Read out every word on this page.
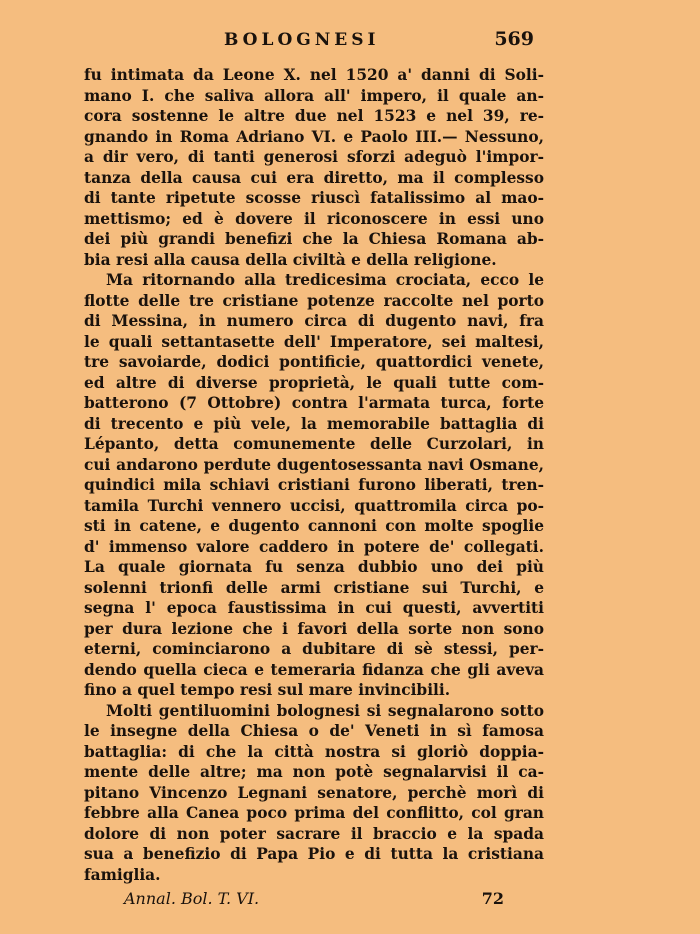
BOLOGNESI	569
fu intimata da Leone X. nel 1520 a' danni di Soli-
mano I. che saliva allora all' impero, il quale an-
cora sostenne le altre due nel 1523 e nel 39, re-
gnando in Roma Adriano VI. e Paolo III.— Nessuno,
a dir vero, di tanti generosi sforzi adeguò l'impor-
tanza della causa cui era diretto, ma il complesso
di tante ripetute scosse riuscì fatalissimo al mao-
mettismo; ed è dovere il riconoscere in essi uno
dei più grandi benefizi che la Chiesa Romana ab-
bia resi alla causa della civiltà e della religione.
Ma ritornando alla tredicesima crociata, ecco le
flotte delle tre cristiane potenze raccolte nel porto
di Messina, in numero circa di dugento navi, fra
le quali settantasette dell' Imperatore, sei maltesi,
tre savoiarde, dodici pontificie, quattordici venete,
ed altre di diverse proprietà, le quali tutte com-
batterono (7 Ottobre) contra l'armata turca, forte
di trecento e più vele, la memorabile battaglia di
Lépanto, detta comunemente delle Curzolari, in
cui andarono perdute dugentosessanta navi Osmane,
quindici mila schiavi cristiani furono liberati, tren-
tamila Turchi vennero uccisi, quattromila circa po-
sti in catene, e dugento cannoni con molte spoglie
d' immenso valore caddero in potere de' collegati.
La quale giornata fu senza dubbio uno dei più
solenni trionfi delle armi cristiane sui Turchi, e
segna l' epoca faustissima in cui questi, avvertiti
per dura lezione che i favori della sorte non sono
eterni, cominciarono a dubitare di sè stessi, per-
dendo quella cieca e temeraria fidanza che gli aveva
fino a quel tempo resi sul mare invincibili.
Molti gentiluomini bolognesi si segnalarono sotto
le insegne della Chiesa o de' Veneti in sì famosa
battaglia: di che la città nostra si gloriò doppia-
mente delle altre; ma non potè segnalarvisi il ca-
pitano Vincenzo Legnani senatore, perchè morì di
febbre alla Canea poco prima del conflitto, col gran
dolore di non poter sacrare il braccio e la spada
sua a benefizio di Papa Pio e di tutta la cristiana
famiglia.
Annal. Bol. T. VI.	72
